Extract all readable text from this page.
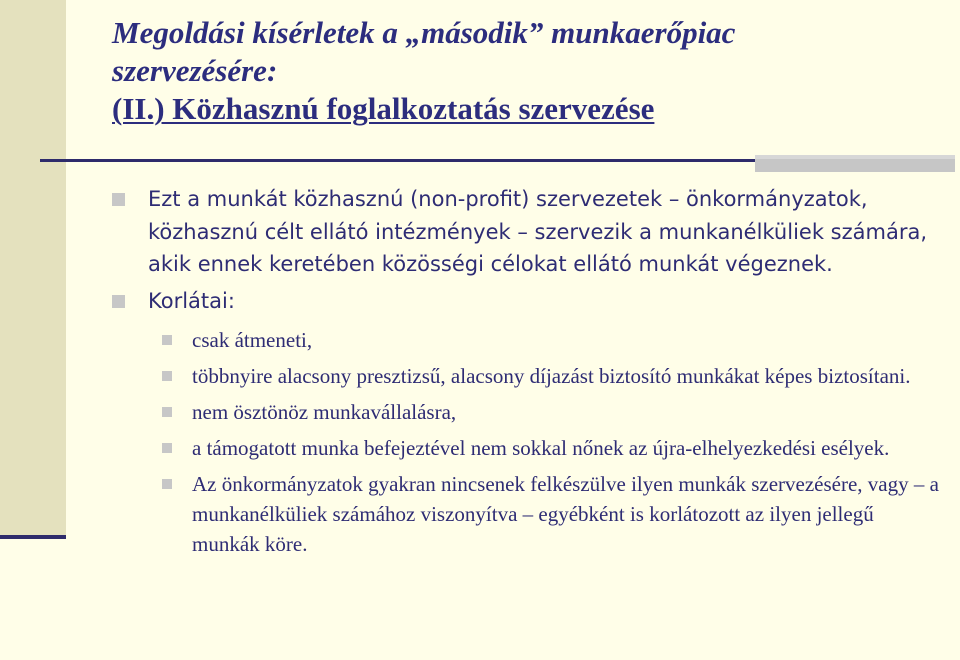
Megoldási kísérletek a „második” munkaerőpiac
szervezésére:
(II.) Közhasznú foglalkoztatás szervezése
Ezt a munkát közhasznú (non-profit) szervezetek – önkormányzatok, közhasznú célt ellátó intézmények – szervezik a munkanélküliek számára, akik ennek keretében közösségi célokat ellátó munkát végeznek.
Korlátai:
csak átmeneti,
többnyire alacsony presztizsű, alacsony díjazást biztosító munkákat képes biztosítani.
nem ösztönöz munkavállalásra,
a támogatott munka befejeztével nem sokkal nőnek az újra-elhelyezkedési esélyek.
Az önkormányzatok gyakran nincsenek felkészülve ilyen munkák szervezésére, vagy – a munkanélküliek számához viszonyítva – egyébként is korlátozott az ilyen jellegű munkák köre.
